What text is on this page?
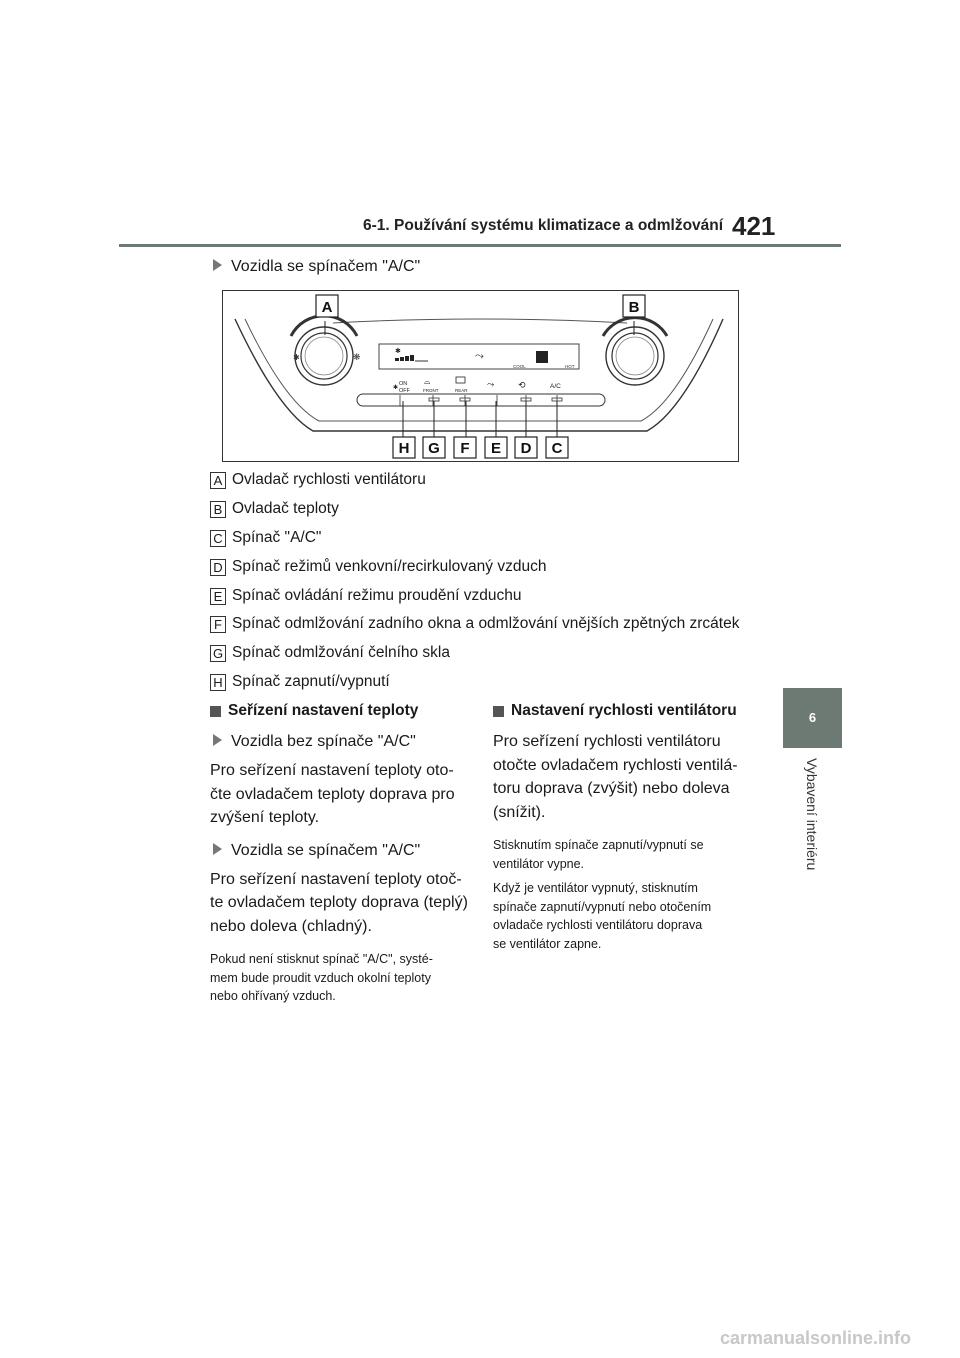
6-1. Používání systému klimatizace a odmlžování 421
6
Vybavení interiéru
Vozidla se spínačem "A/C"
✱	❋
✱	⤳
COOL	HOT
ON
OFF
✱
⌓
FRONT	REAR
⤳	⟲	A/C
A	B
H G F E D C
A Ovladač rychlosti ventilátoru
B Ovladač teploty
C Spínač "A/C"
D Spínač režimů venkovní/recirkulovaný vzduch
E Spínač ovládání režimu proudění vzduchu
F Spínač odmlžování zadního okna a odmlžování vnějších zpětných zrcátek
G Spínač odmlžování čelního skla
H Spínač zapnutí/vypnutí
Seřízení nastavení teploty
Vozidla bez spínače "A/C"
Pro seřízení nastavení teploty oto-
čte ovladačem teploty doprava pro
zvýšení teploty.
Vozidla se spínačem "A/C"
Pro seřízení nastavení teploty otoč-
te ovladačem teploty doprava (teplý)
nebo doleva (chladný).
Pokud není stisknut spínač "A/C", systé-
mem bude proudit vzduch okolní teploty
nebo ohřívaný vzduch.
Nastavení rychlosti ventilátoru
Pro seřízení rychlosti ventilátoru
otočte ovladačem rychlosti ventilá-
toru doprava (zvýšit) nebo doleva
(snížit).
Stisknutím spínače zapnutí/vypnutí se
ventilátor vypne.
Když je ventilátor vypnutý, stisknutím
spínače zapnutí/vypnutí nebo otočením
ovladače rychlosti ventilátoru doprava
se ventilátor zapne.
carmanualsonline.info
